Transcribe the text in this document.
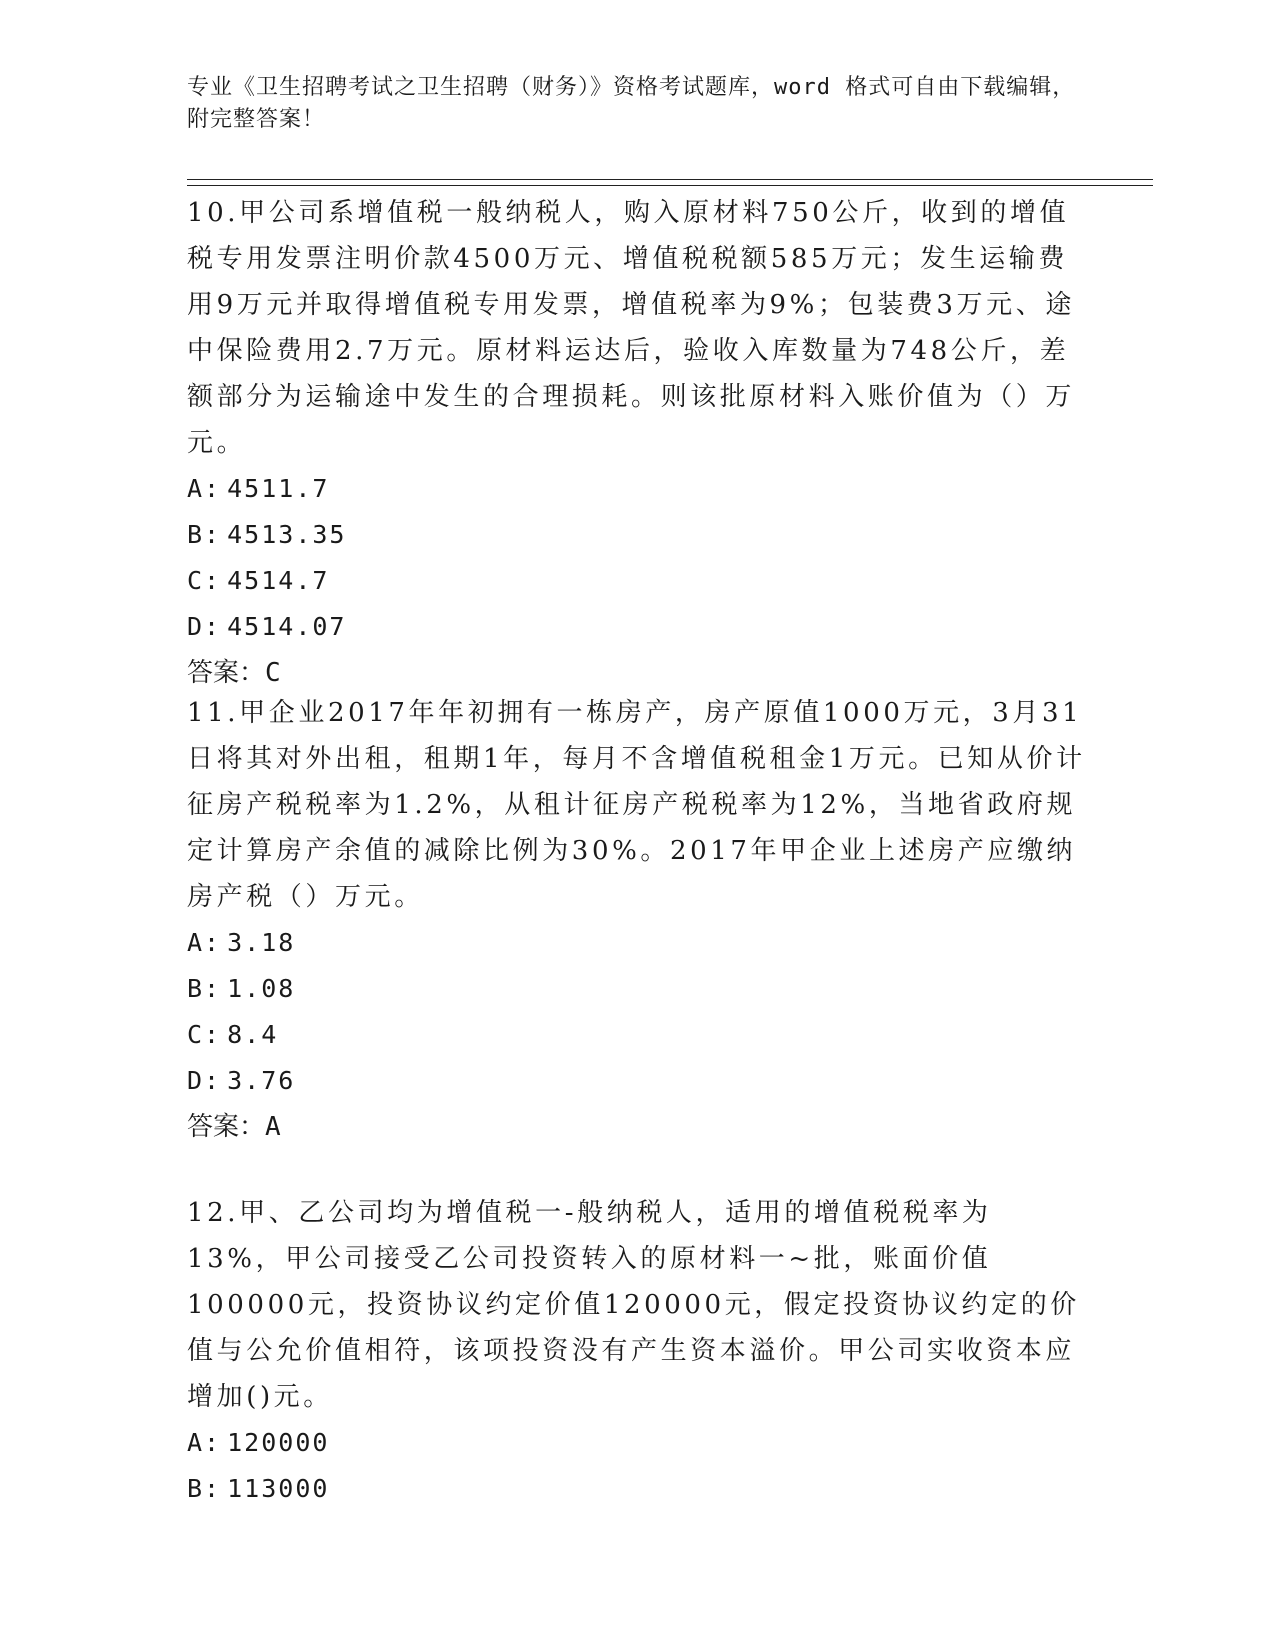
专业《卫生招聘考试之卫生招聘（财务）》资格考试题库，word 格式可自由下载编辑，附完整答案！

10.甲公司系增值税一般纳税人，购入原材料750公斤，收到的增值税专用发票注明价款4500万元、增值税税额585万元；发生运输费用9万元并取得增值税专用发票，增值税率为9%；包装费3万元、途中保险费用2.7万元。原材料运达后，验收入库数量为748公斤，差额部分为运输途中发生的合理损耗。则该批原材料入账价值为（）万元。

A: 4511.7

B: 4513.35

C: 4514.7

D: 4514.07

答案：C

11.甲企业2017年年初拥有一栋房产，房产原值1000万元，3月31日将其对外出租，租期1年，每月不含增值税租金1万元。已知从价计征房产税税率为1.2%，从租计征房产税税率为12%，当地省政府规定计算房产余值的减除比例为30%。2017年甲企业上述房产应缴纳房产税（）万元。

A: 3.18

B: 1.08

C: 8.4

D: 3.76

答案：A

12.甲、乙公司均为增值税一-般纳税人，适用的增值税税率为13%，甲公司接受乙公司投资转入的原材料一~批，账面价值100000元，投资协议约定价值120000元，假定投资协议约定的价值与公允价值相符，该项投资没有产生资本溢价。甲公司实收资本应增加()元。

A: 120000

B: 113000
